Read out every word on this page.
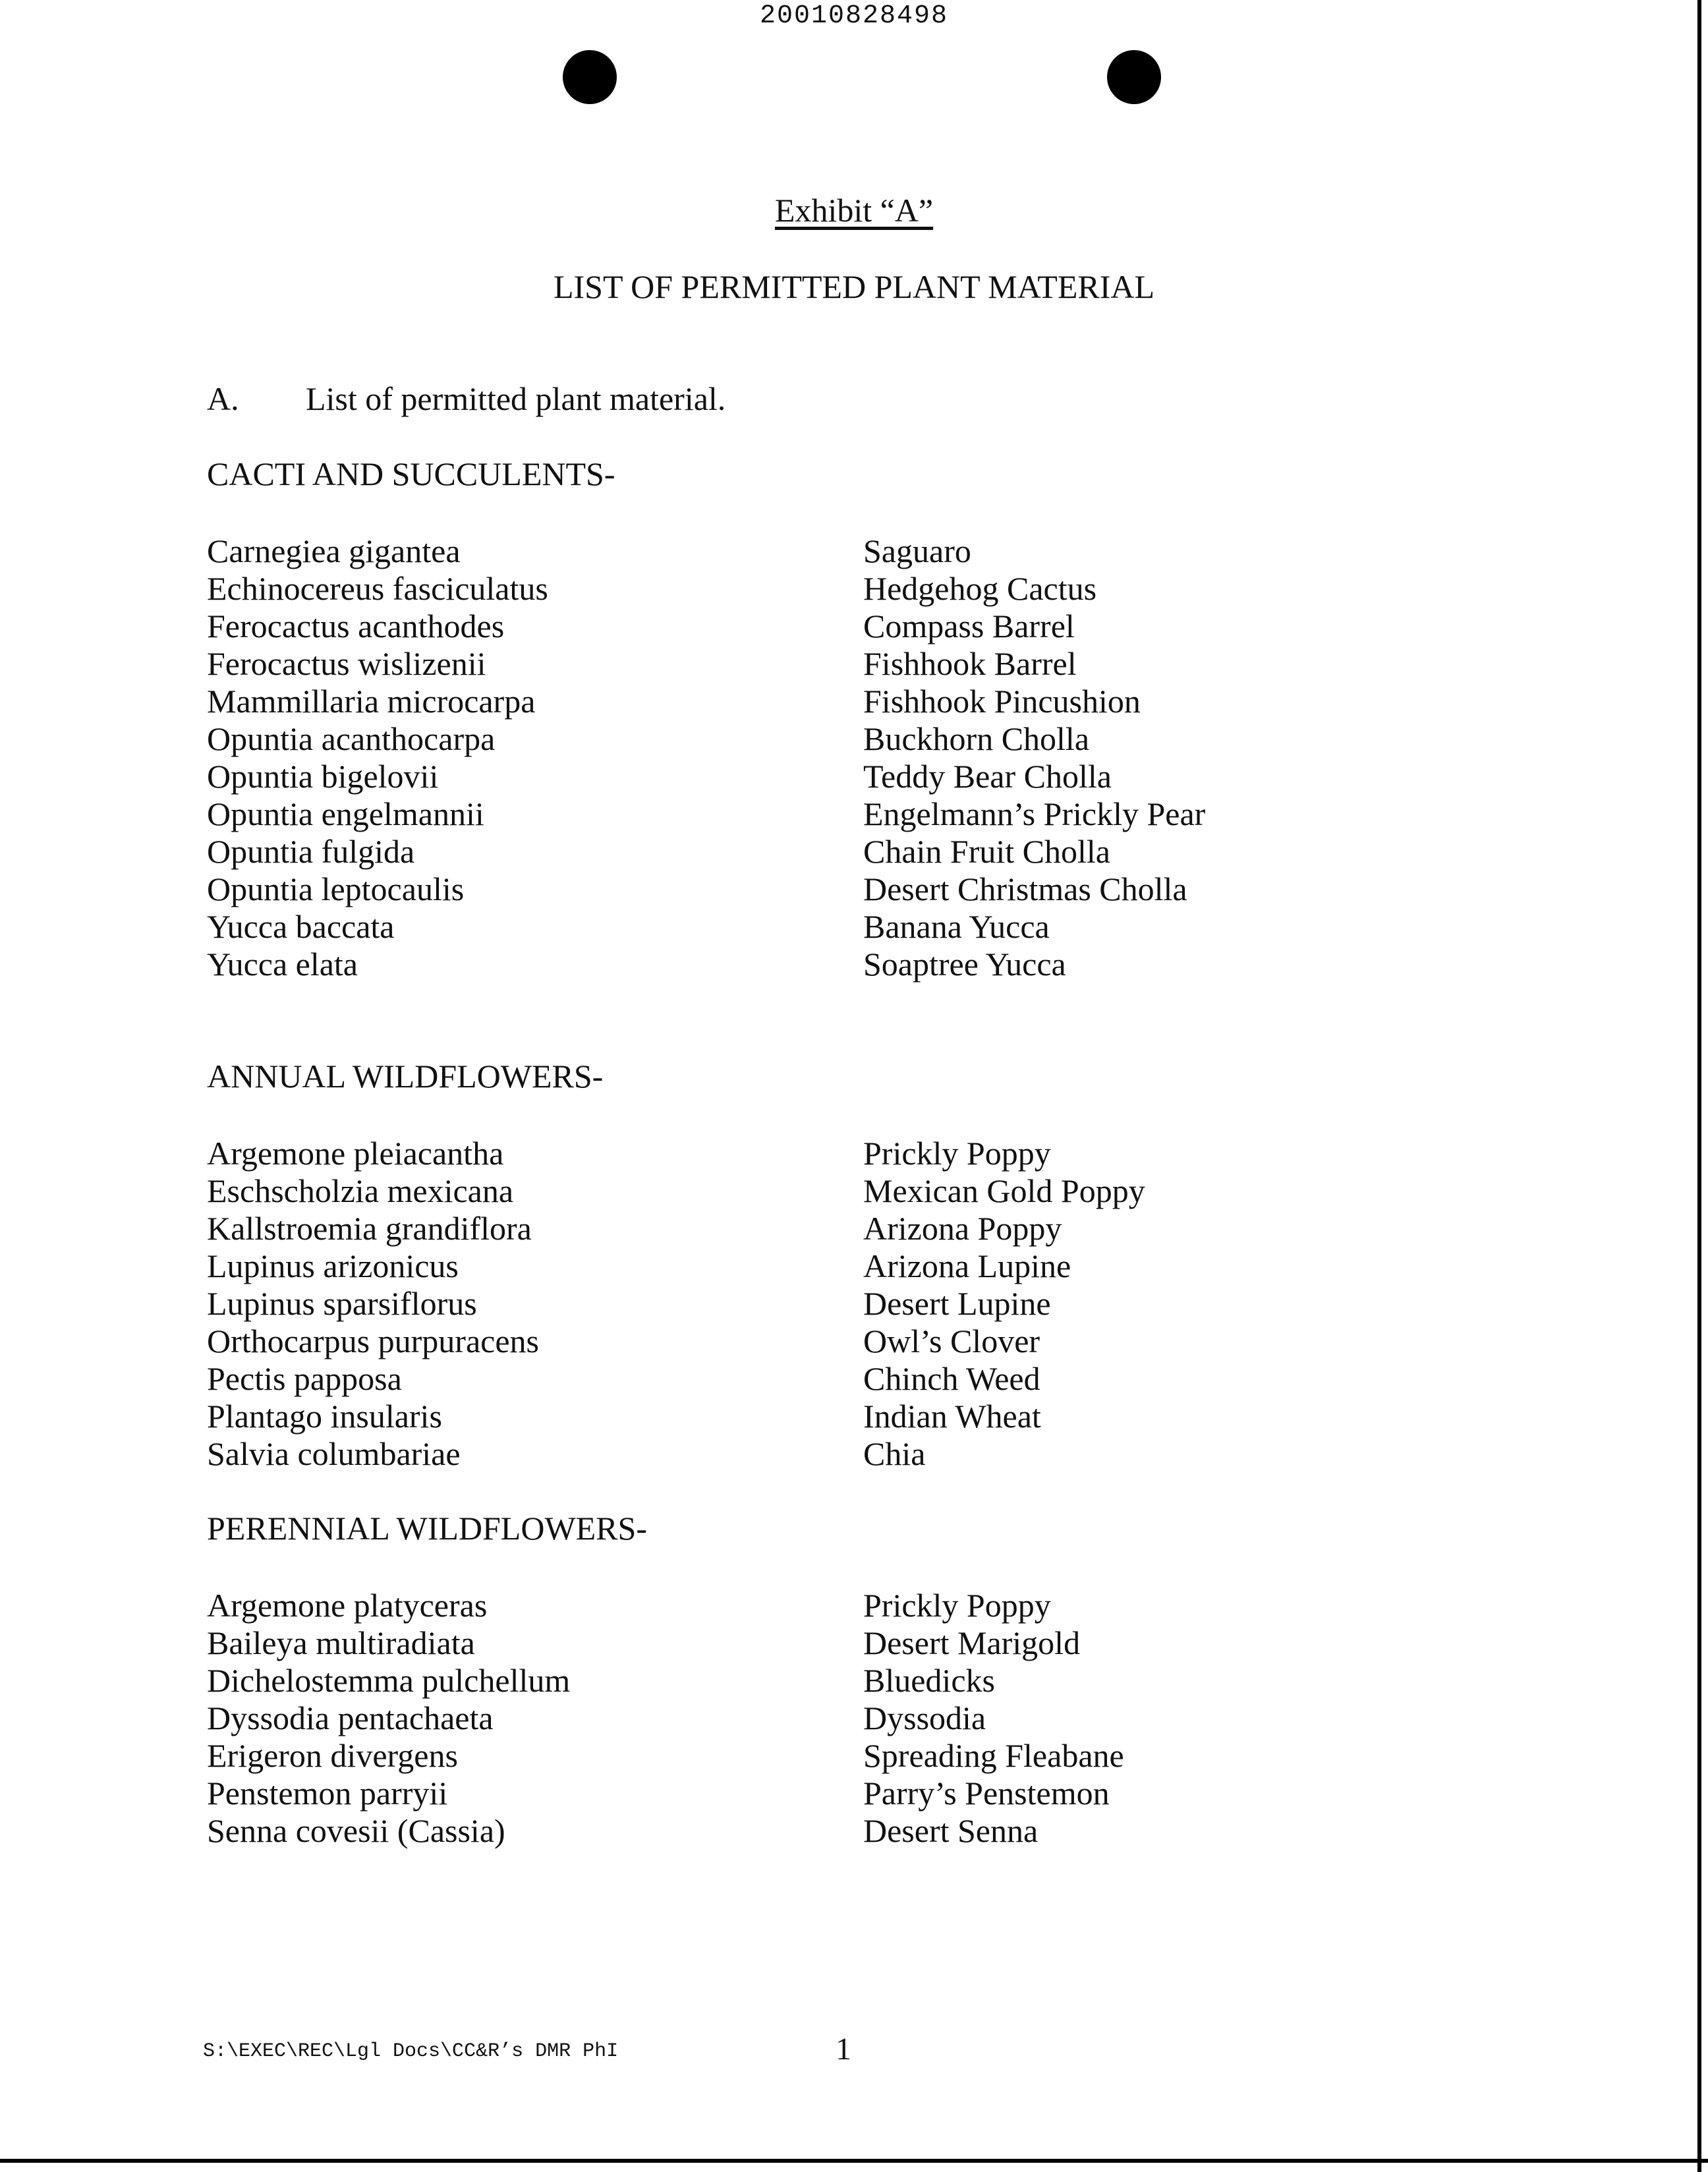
20010828498
Exhibit “A”
LIST OF PERMITTED PLANT MATERIAL
A. List of permitted plant material.
CACTI AND SUCCULENTS-
Carnegiea gigantea	Saguaro
Echinocereus fasciculatus	Hedgehog Cactus
Ferocactus acanthodes	Compass Barrel
Ferocactus wislizenii	Fishhook Barrel
Mammillaria microcarpa	Fishhook Pincushion
Opuntia acanthocarpa	Buckhorn Cholla
Opuntia bigelovii	Teddy Bear Cholla
Opuntia engelmannii	Engelmann’s Prickly Pear
Opuntia fulgida	Chain Fruit Cholla
Opuntia leptocaulis	Desert Christmas Cholla
Yucca baccata	Banana Yucca
Yucca elata	Soaptree Yucca
ANNUAL WILDFLOWERS-
Argemone pleiacantha	Prickly Poppy
Eschscholzia mexicana	Mexican Gold Poppy
Kallstroemia grandiflora	Arizona Poppy
Lupinus arizonicus	Arizona Lupine
Lupinus sparsiflorus	Desert Lupine
Orthocarpus purpuracens	Owl’s Clover
Pectis papposa	Chinch Weed
Plantago insularis	Indian Wheat
Salvia columbariae	Chia
PERENNIAL WILDFLOWERS-
Argemone platyceras	Prickly Poppy
Baileya multiradiata	Desert Marigold
Dichelostemma pulchellum	Bluedicks
Dyssodia pentachaeta	Dyssodia
Erigeron divergens	Spreading Fleabane
Penstemon parryii	Parry’s Penstemon
Senna covesii (Cassia)	Desert Senna
S:\EXEC\REC\Lgl Docs\CC&R’s DMR PhI	1
